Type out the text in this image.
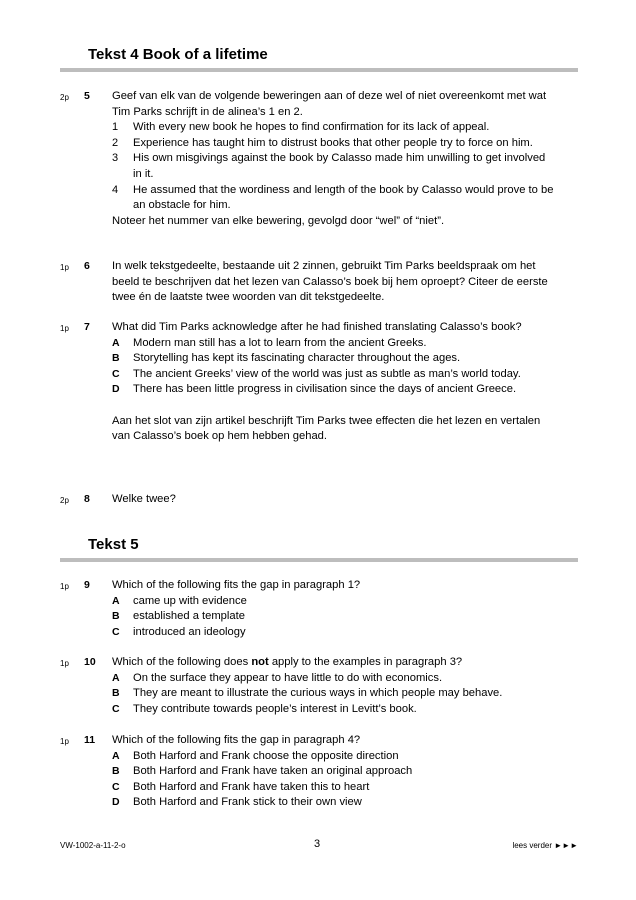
Tekst 4 Book of a lifetime
2p 5	Geef van elk van de volgende beweringen aan of deze wel of niet overeenkomt met wat Tim Parks schrijft in de alinea’s 1 en 2.

1 With every new book he hopes to find confirmation for its lack of appeal.
2 Experience has taught him to distrust books that other people try to force on him.
3 His own misgivings against the book by Calasso made him unwilling to get involved in it.
4 He assumed that the wordiness and length of the book by Calasso would prove to be an obstacle for him.

Noteer het nummer van elke bewering, gevolgd door “wel” of “niet”.

1p 6	In welk tekstgedeelte, bestaande uit 2 zinnen, gebruikt Tim Parks beeldspraak om het beeld te beschrijven dat het lezen van Calasso’s boek bij hem oproept? Citeer de eerste twee én de laatste twee woorden van dit tekstgedeelte.

1p 7	What did Tim Parks acknowledge after he had finished translating Calasso’s book?

A Modern man still has a lot to learn from the ancient Greeks.
B Storytelling has kept its fascinating character throughout the ages.
C The ancient Greeks’ view of the world was just as subtle as man’s world today.
D There has been little progress in civilisation since the days of ancient Greece.

Aan het slot van zijn artikel beschrijft Tim Parks twee effecten die het lezen en vertalen van Calasso’s boek op hem hebben gehad.

2p 8	Welke twee?

Tekst 5
1p 9	Which of the following fits the gap in paragraph 1?

A came up with evidence
B established a template
C introduced an ideology
1p 10	Which of the following does not apply to the examples in paragraph 3?

A On the surface they appear to have little to do with economics.
B They are meant to illustrate the curious ways in which people may behave.
C They contribute towards people’s interest in Levitt’s book.
1p 11	Which of the following fits the gap in paragraph 4?

A Both Harford and Frank choose the opposite direction
B Both Harford and Frank have taken an original approach
C Both Harford and Frank have taken this to heart
D Both Harford and Frank stick to their own view
VW-1002-a-11-2-o	3	lees verder ►►►
